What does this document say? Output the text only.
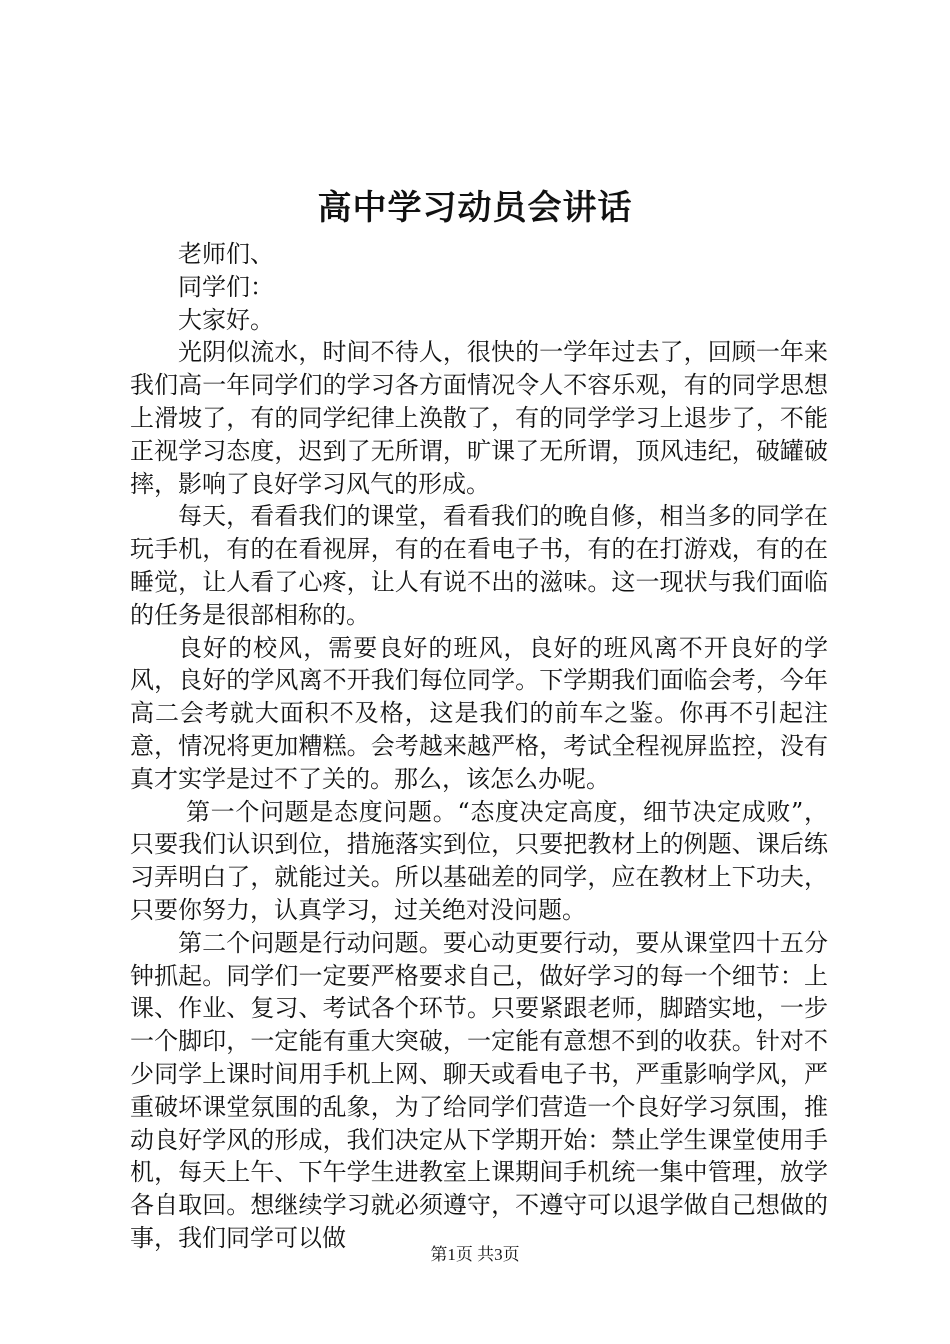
高中学习动员会讲话

老师们、

同学们：

大家好。

光阴似流水，时间不待人，很快的一学年过去了，回顾一年来我们高一年同学们的学习各方面情况令人不容乐观，有的同学思想上滑坡了，有的同学纪律上涣散了，有的同学学习上退步了，不能正视学习态度，迟到了无所谓，旷课了无所谓，顶风违纪，破罐破摔，影响了良好学习风气的形成。

每天，看看我们的课堂，看看我们的晚自修，相当多的同学在玩手机，有的在看视屏，有的在看电子书，有的在打游戏，有的在睡觉，让人看了心疼，让人有说不出的滋味。这一现状与我们面临的任务是很部相称的。

良好的校风，需要良好的班风，良好的班风离不开良好的学风，良好的学风离不开我们每位同学。下学期我们面临会考，今年高二会考就大面积不及格，这是我们的前车之鉴。你再不引起注意，情况将更加糟糕。会考越来越严格，考试全程视屏监控，没有真才实学是过不了关的。那么，该怎么办呢。

第一个问题是态度问题。“态度决定高度，细节决定成败”，只要我们认识到位，措施落实到位，只要把教材上的例题、课后练习弄明白了，就能过关。所以基础差的同学，应在教材上下功夫，只要你努力，认真学习，过关绝对没问题。

第二个问题是行动问题。要心动更要行动，要从课堂四十五分钟抓起。同学们一定要严格要求自己，做好学习的每一个细节：上课、作业、复习、考试各个环节。只要紧跟老师，脚踏实地，一步一个脚印，一定能有重大突破，一定能有意想不到的收获。针对不少同学上课时间用手机上网、聊天或看电子书，严重影响学风，严重破坏课堂氛围的乱象，为了给同学们营造一个良好学习氛围，推动良好学风的形成，我们决定从下学期开始：禁止学生课堂使用手机，每天上午、下午学生进教室上课期间手机统一集中管理，放学各自取回。想继续学习就必须遵守，不遵守可以退学做自己想做的事，我们同学可以做

第1页 共3页
